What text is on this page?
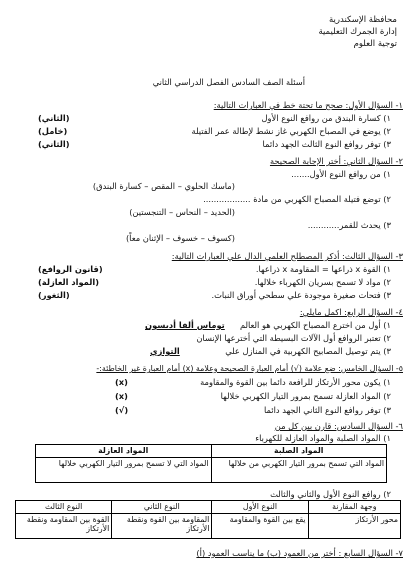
محافظة الإسكندرية
إدارة الجمرك التعليمية
توجية العلوم
أسئلة الصف السادس الفصل الدراسي الثاني
١- السؤال الأول: صحح ما تحتة خط في العبارات التالية:
١) كسارة البندق من روافع النوع الأول
(الثاني)
٢) يوضع في المصباح الكهربي غاز نشط لإطالة عمر الفتيلة
(خامل)
٣) توفر روافع النوع الثالث الجهد دائما
(الثاني)
٢- السؤال الثاني: أختر الإجابة الصحيحة
١) من روافع النوع الأول.......
(ماسك الحلوي – المقص – كسارة البندق)
٢) توضع فتيلة المصباح الكهربي من مادة ..................
(الحديد – النحاس – التنجستين)
٣) يحدث للقمر............
(كسوف – خسوف – الإثنان معاً)
٣- السؤال الثالث: أذكر المصطلح العلمي الدال علي العبارات التالية:
١) القوة x ذراعها = المقاومة x ذراعها.
(قانون الروافع)
٢) مواد لا تسمح بسريان الكهرباء خلالها.
(المواد العازلة)
٣) فتحات صغيرة موجودة علي سطحي أوراق النبات.
(الثغور)
٤- السؤال الرابع: اكمل مايلي:
١) أول من اخترع المصباح الكهربي هو العالم
توماس ألفا أديسون
٢) تعتبر الروافع أول الآلات البسيطة التي أخترعها الإنسان
٣) يتم توصيل المصابيح الكهربية في المنازل علي
التوازي
٥- السؤال الخامس: ضع علامة (√) أمام العبارة الصحيحة وعلامة (x) أمام العبارة غير الخاطئة:-
١) يكون محور الأرتكاز للرافعة دائما بين القوة والمقاومة
(x)
٢) المواد العازلة تسمح بمرور التيار الكهربي خلالها
(x)
٣) توفر روافع النوع الثاني الجهد دائما
(√)
٦- السؤال السادس: قارن بين كل من
١) المواد الصلبة والمواد العازلة للكهرباء
المواد الصلبة	المواد العازلة
المواد التي تسمح بمرور التيار الكهربي من خلالها	المواد التي لا تسمح بمرور التيار الكهربي خلالها
٢) روافع النوع الأول والثاني والثالث
وجهة المقارنة	النوع الأول	النوع الثاني	النوع الثالث
محور الأرتكاز	يقع بين القوة والمقاومة	المقاومة بين القوة ونقطة الأرتكاز	القوة بين المقاومة ونقطة الأرتكاز
٧- السؤال السابع : أختر من العمود (ب) ما يناسب العمود (أ)
